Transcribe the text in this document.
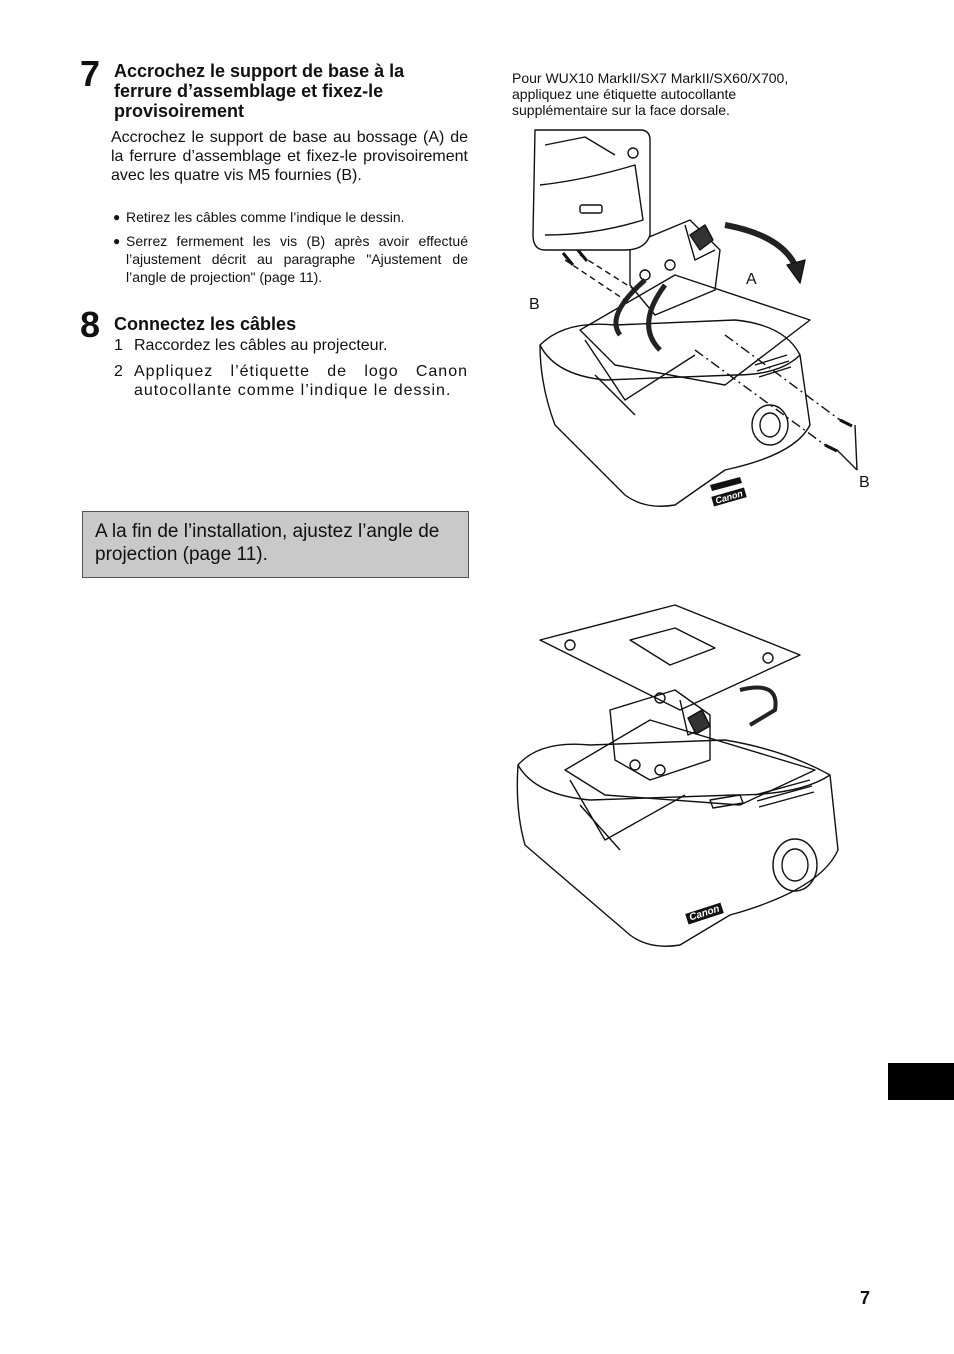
7 Accrochez le support de base à la ferrure d’assemblage et fixez-le provisoirement
Accrochez le support de base au bossage (A) de la ferrure d’assemblage et fixez-le provisoirement avec les quatre vis M5 fournies (B).
● Retirez les câbles comme l’indique le dessin.
● Serrez fermement les vis (B) après avoir effectué l’ajustement décrit au paragraphe "Ajustement de l’angle de projection" (page 11).
8 Connectez les câbles
1 Raccordez les câbles au projecteur.
2 Appliquez l’étiquette de logo Canon autocollante comme l’indique le dessin.
A la fin de l’installation, ajustez l’angle de projection (page 11).
Pour WUX10 MarkII/SX7 MarkII/SX60/X700, appliquez une étiquette autocollante supplémentaire sur la face dorsale.
Canon
A
B
B
Canon
7
